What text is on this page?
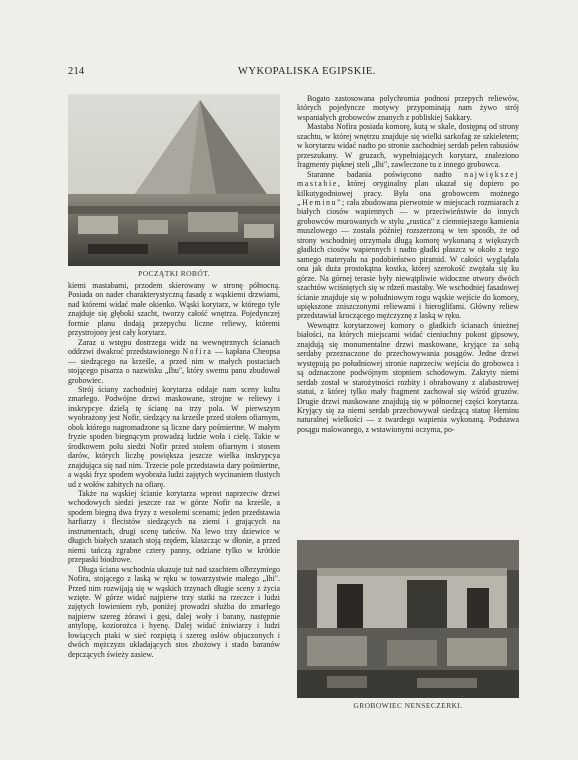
214	WYKOPALISKA EGIPSKIE.
POCZĄTKI ROBÓT.

kiemi mastabami, przodem skierowany w stronę północną. Posiada on nader charakterystyczną fasadę z wąskiemi drzwiami, nad któremi widać małe okienko. Wąski korytarz, w którego tyle znajduje się głęboki szacht, tworzy całość wnętrza. Pojedynczej formie planu dodają przepychu liczne reliewy, któremi przystrojony jest cały korytarz.

Zaraz u wstępu dostrzega widz na wewnętrznych ścianach oddrzwi dwakroć przedstawionego Nofira — kapłana Cheopsa — siedzącego na krześle, a przed nim w małych postaciach stojącego pisarza o nazwisku „Ihu", który swemu panu zbudował grobowiec.

Strój ściany zachodniej korytarza oddaje nam sceny kultu zmarłego. Podwójne drzwi maskowane, strojne w reliewy i inskrypcye dzielą tę ścianę na trzy pola. W pierwszym wyobrażony jest Nofir, siedzący na krześle przed stołem ofiarnym, obok którego nagromadzone są liczne dary pośmiertne. W małym fryzie spoden biegnącym prowadzą ludzie woła i cielę. Takie w środkowem polu siedzi Nofir przed stołem ofiarnym i stosem darów, których liczbę powiększa jeszcze wielka inskrypcya znajdująca się nad nim. Trzecie pole przedstawia dary pośmiertne, a wąski fryz spodem wyobraża ludzi zajętych wycinaniem tłustych ud z wołów zabitych na ofiarę.

Także na wąskiej ścianie korytarza wprost naprzeciw drzwi wchodowych siedzi jeszcze raz w górze Nofir na krześle, a spodem biegną dwa fryzy z wesołemi scenami; jeden przedstawia harfiarzy i flecistów siedzących na ziemi i grających na instrumentach, drugi scenę tańców. Na lewo trzy dziewice w długich białych szatach stoją rzędem, klaszcząc w dłonie, a przed niemi tańczą zgrabne cztery panny, odziane tylko w krótkie przepaski biodrowe.

Długa ściana wschodnia ukazuje tuż nad szachtem olbrzymiego Nofira, stojącego z laską w ręku w towarzystwie małego „Ihi". Przed nim rozwijają się w wąskich trzynach długie sceny z życia wzięte. W górze widać najpierw trzy statki na rzeczce i ludzi zajętych łowieniem ryb, poniżej prowadzi służba do zmarłego najpierw szereg żórawi i gęsi, dalej woły i barany, następnie antylopę, koziorożca i hyenę. Dalej widać żniwiarzy i ludzi łowiących ptaki w sieć rozpiętą i szereg osłów objuczonych i dwóch mężczyzn układających stos zbożowy i stado baranów depczących świeży zasiew.

Bogato zastosowana polychromia podnosi przepych reliewów, których pojedyncze motywy przypominają nam żywo strój wspaniałych grobowców znanych z pobliskiej Sakkary.

Mastaba Nofira posiada komorę, kutą w skale, dostępną od strony szachtu, w której wnętrzu znajduje się wielki sarkofag ze szkieletem; w korytarzu widać nadto po stronie zachodniej serdab pełen rabusiów przeszukany. W gruzach, wypełniających korytarz, znaleziono fragmenty pięknej steli „Ihi", zawleczone tu z innego grobowca.

Staranne badania poświęcono nadto największej mastabie, której oryginalny plan ukazał się dopiero po kilkutygodniowej pracy. Była ona grobowcem możnego „Heminu"; cała zbudowana pierwotnie w miejscach rozmiarach z białych ciosów wapiennych — w przeciwieństwie do innych grobowców murowanych w stylu „rustica" z ciemniejszego kamienia muszlowego — została później rozszerzoną w ten sposób, że od strony wschodniej otrzymała długą komorę wykonaną z większych gładkich ciosów wapiennych i nadto gładki płaszcz w około z tego samego materyału na podobieństwo piramid. W całości wyglądała ona jak duża prostokątna kostka, której szerokość zwężała się ku górze. Na górnej terasie były niewątpliwie widoczne otwory dwóch szachtów wciśniętych się w rdzeń mastaby. We wschodniej fasadowej ścianie znajduje się w południowym rogu wąskie wejście do komory, upiększone zniszczonymi reliewami i hieroglifami. Główny reliew przedstawiał kroczącego mężczyznę z laską w ręku.

Wewnątrz korytarzowej komory o gładkich ścianach śnieżnej białości, na których miejscami widać cieniuchny pokost gipsowy, znajdują się monumentalne drzwi maskowane, kryjące za sobą serdaby przeznaczone do przechowywania posągów. Jedne drzwi występują po południowej stronie naprzeciw wejścia do grobowca i są odznaczone podwójnym stopniem schodowym. Zakryty niemi serdab został w starożytności rozbity i obrabowany z alabastrowej statui, z której tylko mały fragment zachował się wśród gruzów. Drugie drzwi maskowane znajdują się w północnej części korytarza. Kryjący się za niemi serdab przechowywał siedzącą statuę Heminu naturalnej wielkości — z twardego wapienia wykonaną. Podstawa posągu malowanego, z wstawionymi oczyma, po-

GROBOWIEC NENSECZERKI.
